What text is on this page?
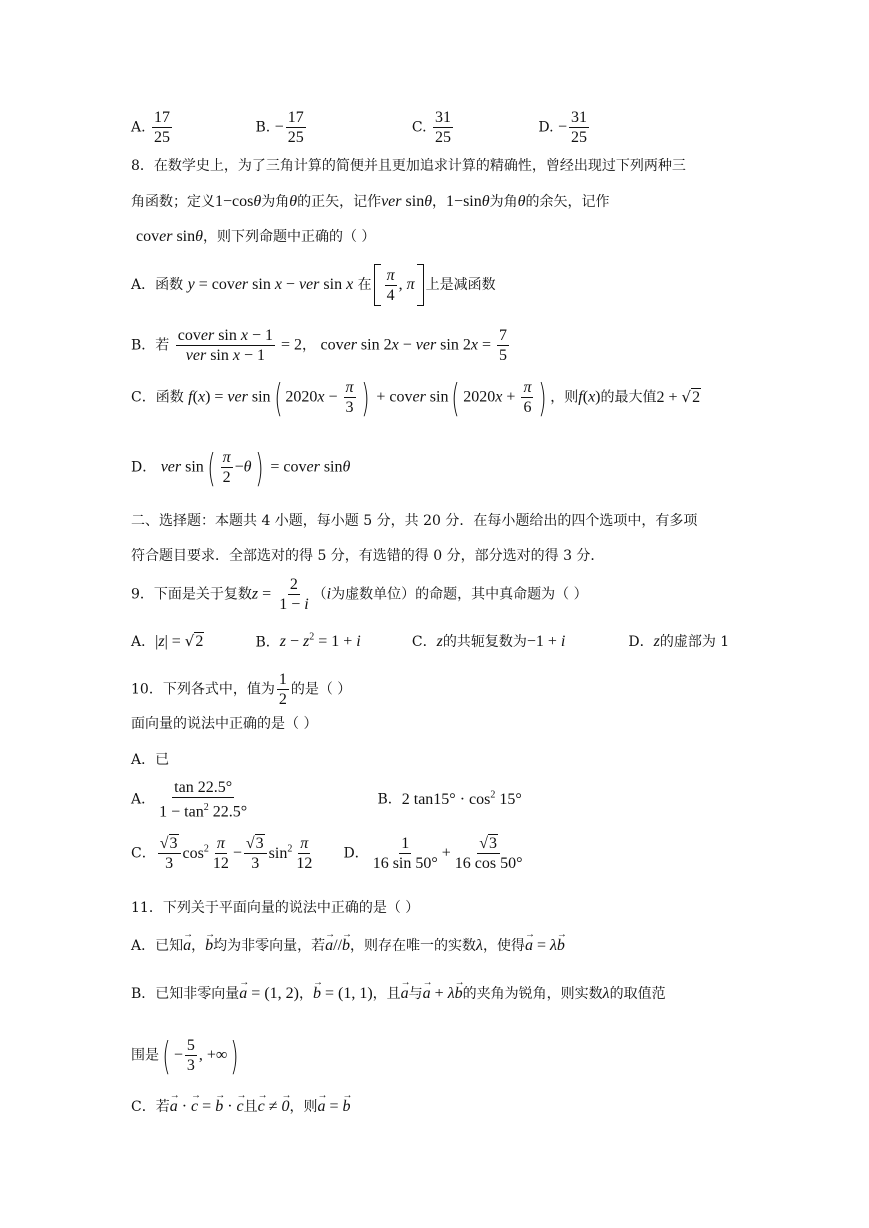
A. $\frac{17}{25}$	B. − $\frac{17}{25}$	C. $\frac{31}{25}$	D. − $\frac{31}{25}$
8．在数学史上，为了三角计算的简便并且更加追求计算的精确性，曾经出现过下列两种三
角函数；定义1−cosθ为角θ的正矢，记作ver sinθ，1−sinθ为角θ的余矢，记作
cover sinθ，则下列命题中正确的（ ）
A．函数 y = cover sin x − ver sin x 在 $\frac{\pi}{4}$ , π 上是减函数
B．若
cover sin x − 1
ver sin x − 1
= 2， cover sin 2x − ver $\sin 2x = \frac{7}{5}$
C．函数 f(x) = ver sin( $2020x - \frac{\pi}{3}$ ) + cover sin( $2020x + \frac{\pi}{6}$ ) ，则f(x)的最大值2 + √2
D． ver $\sin( \frac{\pi}{2} -\theta)$ = cover sinθ
二、选择题：本题共 4 小题，每小题 5 分，共 20 分．在每小题给出的四个选项中，有多项
符合题目要求．全部选对的得 5 分，有选错的得 0 分，部分选对的得 3 分．
9．下面是关于复数$z = \frac{2}{1 - i} (i$为虚数单位）的命题，其中真命题为（ ）
A．|z| = √2	B．$z - z^2 = 1 + i$	C．z的共轭复数为−1 + i	D．z的虚部为 1
10．下列各式中，值为 $\frac{1}{2}$ 的是（ ）
面向量的说法中正确的是（ ）
A．已
A． $\frac{\tan 22.5^\circ}{1 - \tan^2 22.5^\circ}$	B．2 $\tan 15^\circ \cdot \cos^2 15^\circ$
C． $\frac{√3}{3} \cos^2 \frac{\pi}{12} - \frac{√3}{3} \sin^2 \frac{\pi}{12}$ D． $\frac{1}{16 \sin 50^\circ} + \frac{√3}{16 \cos 50^\circ}$
11．下列关于平面向量的说法中正确的是（ ）
A．已知→ a，→ b均为非零向量，若→ a//→ b，则存在唯一的实数λ，使得→ a = λ→ b
B．已知非零向量→ a = (1, 2)，→ b = (1, 1)，且→ a与→ a + λ→ b的夹角为锐角，则实数λ的取值范
围是( − $\frac{5}{3}$ , +∞)
C．若→ a · → c = → b · → c且→ c ≠ → 0，则→ a = → b
